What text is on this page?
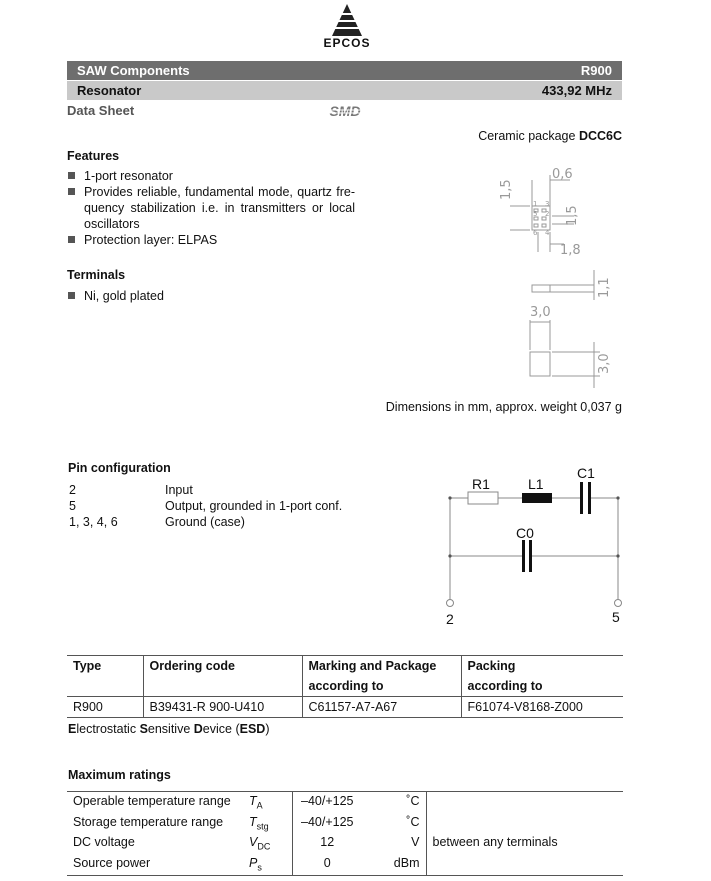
EPCOS
SAW Components	R900
Resonator	433,92 MHz
Data Sheet	SMD
Ceramic package DCC6C
Features
1-port resonator
Provides reliable, fundamental mode, quartz fre-quency stabilization i.e. in transmitters or local oscillators
Protection layer: ELPAS
Terminals
Ni, gold plated
1,5
0,6
1,5
1,8
1,1
3,0
3,0
1 3
5 2
6 4
Dimensions in mm, approx. weight 0,037 g
Pin configuration
2	Input
5	Output, grounded in 1-port conf.
1, 3, 4, 6	Ground (case)
R1	L1
C1
C0
2	5
Type	Ordering code	Marking and Package	Packing
		according to	according to
R900	B39431-R 900-U410	C61157-A7-A67	F61074-V8168-Z000
Electrostatic Sensitive Device (ESD)
Maximum ratings
Operable temperature range	$T_A$	–40/+125	˚C	
Storage temperature range	$T_{stg}$	–40/+125	˚C	
DC voltage	$V_{DC}$	12	V	between any terminals
Source power	$P_s$	0	dBm	
